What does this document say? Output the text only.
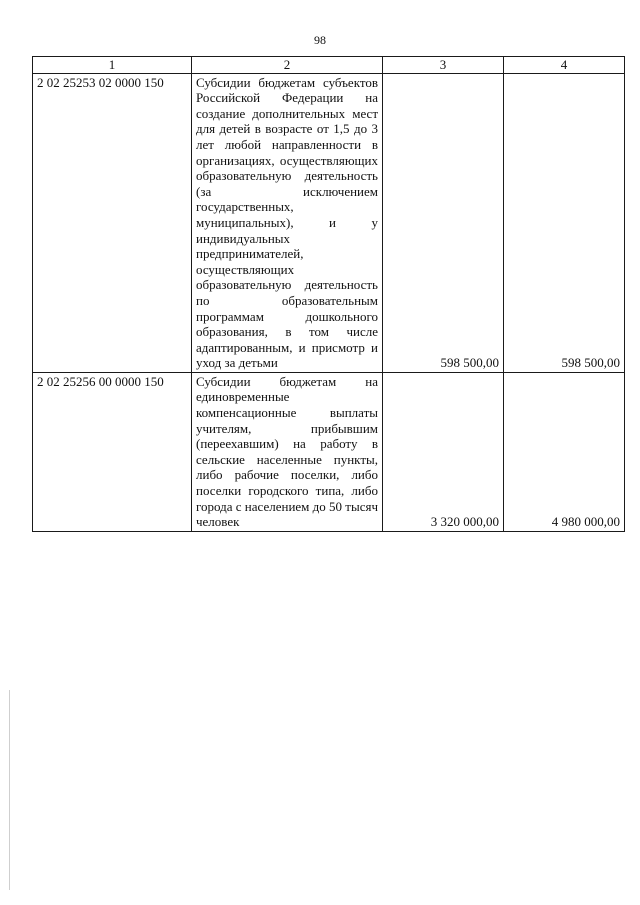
98
1	2	3	4
2 02 25253 02 0000 150	Субсидии бюджетам субъектов Российской Федерации на создание дополнительных мест для детей в возрасте от 1,5 до 3 лет любой направленности в организациях, осуществляющих образовательную деятельность (за исключением государственных, муниципальных), и у индивидуальных предпринимателей, осуществляющих образовательную деятельность по образовательным программам дошкольного образования, в том числе адаптированным, и присмотр и уход за детьми	598 500,00	598 500,00
2 02 25256 00 0000 150	Субсидии бюджетам на единовременные компенсационные выплаты учителям, прибывшим (переехавшим) на работу в сельские населенные пункты, либо рабочие поселки, либо поселки городского типа, либо города с населением до 50 тысяч человек	3 320 000,00	4 980 000,00
